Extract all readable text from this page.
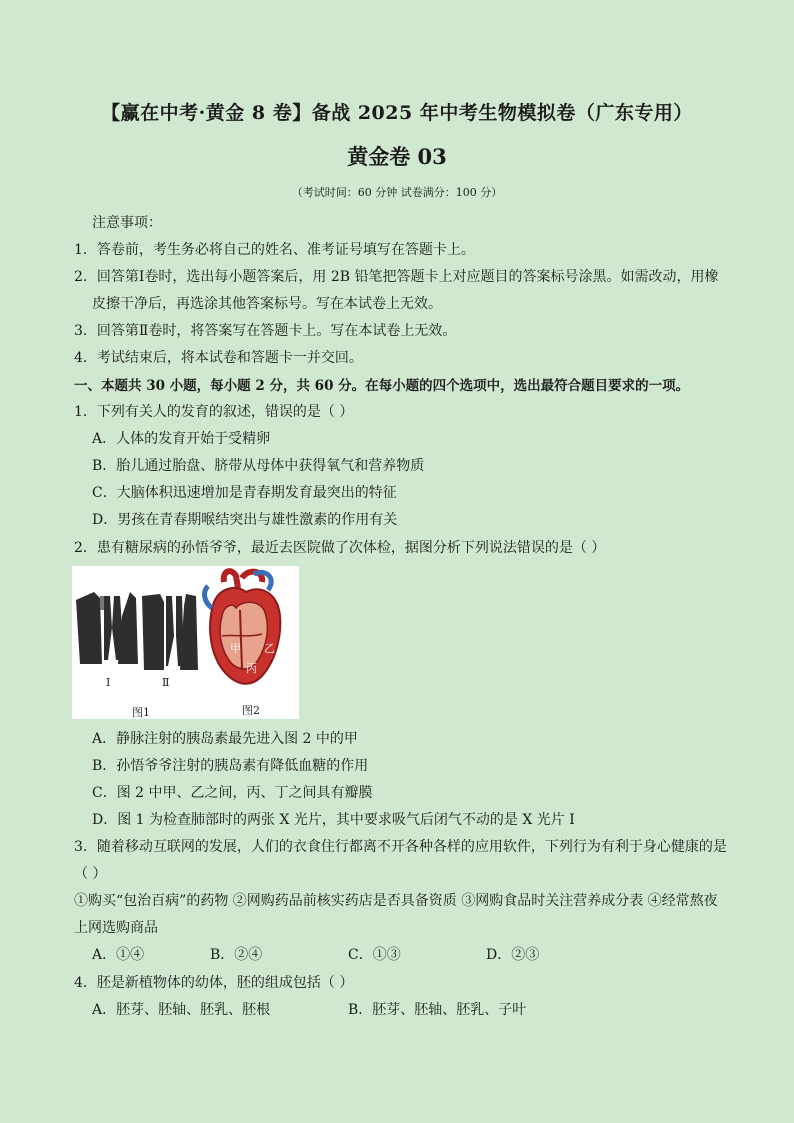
【赢在中考·黄金 8 卷】备战 2025 年中考生物模拟卷（广东专用）
黄金卷 03
（考试时间：60 分钟 试卷满分：100 分）
注意事项：
1．答卷前，考生务必将自己的姓名、准考证号填写在答题卡上。
2．回答第Ⅰ卷时，选出每小题答案后，用 2B 铅笔把答题卡上对应题目的答案标号涂黑。如需改动，用橡
皮擦干净后，再选涂其他答案标号。写在本试卷上无效。
3．回答第Ⅱ卷时，将答案写在答题卡上。写在本试卷上无效。
4．考试结束后，将本试卷和答题卡一并交回。
一、本题共 30 小题，每小题 2 分，共 60 分。在每小题的四个选项中，选出最符合题目要求的一项。
1．下列有关人的发育的叙述，错误的是（ ）
A．人体的发育开始于受精卵
B．胎儿通过胎盘、脐带从母体中获得氧气和营养物质
C．大脑体积迅速增加是青春期发育最突出的特征
D．男孩在青春期喉结突出与雄性激素的作用有关
2．患有糖尿病的孙悟爷爷，最近去医院做了次体检，据图分析下列说法错误的是（ ）
Ⅰ	Ⅱ
图1	图2
甲 乙
丙 丁
A．静脉注射的胰岛素最先进入图 2 中的甲
B．孙悟爷爷注射的胰岛素有降低血糖的作用
C．图 2 中甲、乙之间，丙、丁之间具有瓣膜
D．图 1 为检查肺部时的两张 X 光片，其中要求吸气后闭气不动的是 X 光片 I
3．随着移动互联网的发展，人们的衣食住行都离不开各种各样的应用软件，下列行为有利于身心健康的是
（ ）
①购买“包治百病”的药物 ②网购药品前核实药店是否具备资质 ③网购食品时关注营养成分表 ④经常熬夜
上网选购商品
A．①④	B．②④	C．①③	D．②③
4．胚是新植物体的幼体，胚的组成包括（ ）
A．胚芽、胚轴、胚乳、胚根	B．胚芽、胚轴、胚乳、子叶
